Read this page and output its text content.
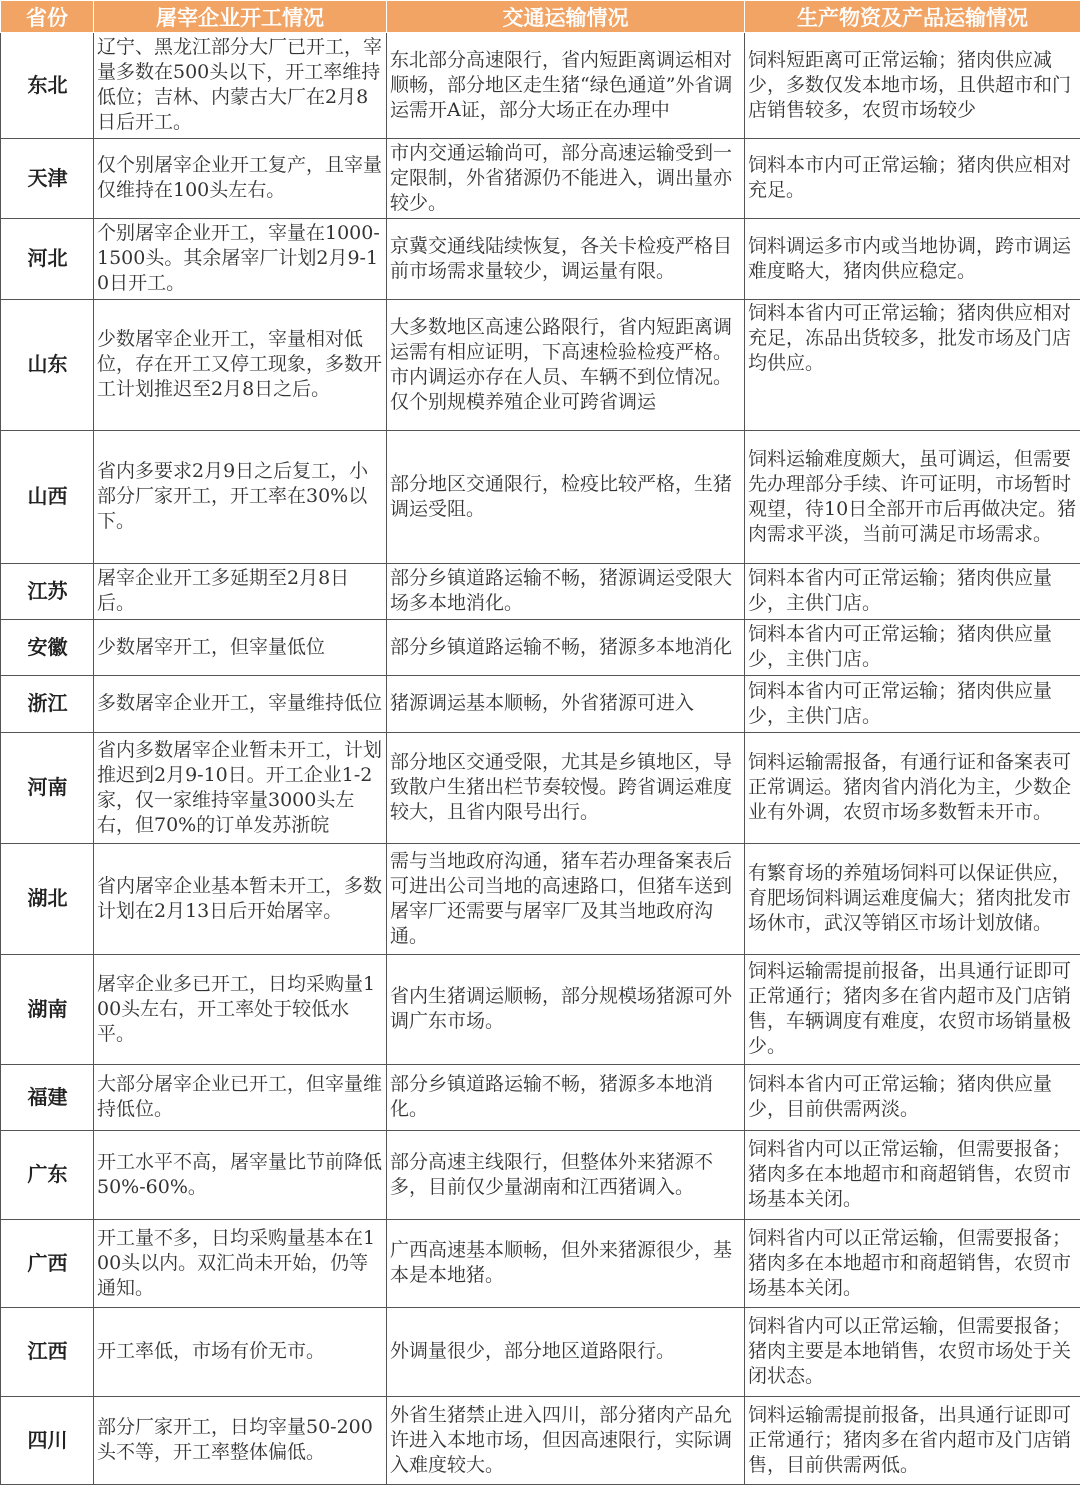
省份	屠宰企业开工情况	交通运输情况	生产物资及产品运输情况
东北	辽宁、黑龙江部分大厂已开工，宰量多数在500头以下，开工率维持低位；吉林、内蒙古大厂在2月8日后开工。	东北部分高速限行，省内短距离调运相对顺畅，部分地区走生猪“绿色通道”外省调运需开A证，部分大场正在办理中	饲料短距离可正常运输；猪肉供应减少，多数仅发本地市场，且供超市和门店销售较多，农贸市场较少
天津	仅个别屠宰企业开工复产，且宰量仅维持在100头左右。	市内交通运输尚可，部分高速运输受到一定限制，外省猪源仍不能进入，调出量亦较少。	饲料本市内可正常运输；猪肉供应相对充足。
河北	个别屠宰企业开工，宰量在1000-1500头。其余屠宰厂计划2月9-10日开工。	京冀交通线陆续恢复，各关卡检疫严格目前市场需求量较少，调运量有限。	饲料调运多市内或当地协调，跨市调运难度略大，猪肉供应稳定。
山东	少数屠宰企业开工，宰量相对低位，存在开工又停工现象，多数开工计划推迟至2月8日之后。	大多数地区高速公路限行，省内短距离调运需有相应证明，下高速检验检疫严格。市内调运亦存在人员、车辆不到位情况。仅个别规模养殖企业可跨省调运	饲料本省内可正常运输；猪肉供应相对充足，冻品出货较多，批发市场及门店均供应。
山西	省内多要求2月9日之后复工，小部分厂家开工，开工率在30%以下。	部分地区交通限行，检疫比较严格，生猪调运受阻。	饲料运输难度颇大，虽可调运，但需要先办理部分手续、许可证明，市场暂时观望，待10日全部开市后再做决定。猪肉需求平淡，当前可满足市场需求。
江苏	屠宰企业开工多延期至2月8日后。	部分乡镇道路运输不畅，猪源调运受限大场多本地消化。	饲料本省内可正常运输；猪肉供应量少，主供门店。
安徽	少数屠宰开工，但宰量低位	部分乡镇道路运输不畅，猪源多本地消化	饲料本省内可正常运输；猪肉供应量少，主供门店。
浙江	多数屠宰企业开工，宰量维持低位	猪源调运基本顺畅，外省猪源可进入	饲料本省内可正常运输；猪肉供应量少，主供门店。
河南	省内多数屠宰企业暂未开工，计划推迟到2月9-10日。开工企业1-2家，仅一家维持宰量3000头左右，但70%的订单发苏浙皖	部分地区交通受限，尤其是乡镇地区，导致散户生猪出栏节奏较慢。跨省调运难度较大，且省内限号出行。	饲料运输需报备，有通行证和备案表可正常调运。猪肉省内消化为主，少数企业有外调，农贸市场多数暂未开市。
湖北	省内屠宰企业基本暂未开工，多数计划在2月13日后开始屠宰。	需与当地政府沟通，猪车若办理备案表后可进出公司当地的高速路口，但猪车送到屠宰厂还需要与屠宰厂及其当地政府沟通。	有繁育场的养殖场饲料可以保证供应，育肥场饲料调运难度偏大；猪肉批发市场休市，武汉等销区市场计划放储。
湖南	屠宰企业多已开工，日均采购量100头左右，开工率处于较低水平。	省内生猪调运顺畅，部分规模场猪源可外调广东市场。	饲料运输需提前报备，出具通行证即可正常通行；猪肉多在省内超市及门店销售，车辆调度有难度，农贸市场销量极少。
福建	大部分屠宰企业已开工，但宰量维持低位。	部分乡镇道路运输不畅，猪源多本地消化。	饲料本省内可正常运输；猪肉供应量少，目前供需两淡。
广东	开工水平不高，屠宰量比节前降低50%-60%。	部分高速主线限行，但整体外来猪源不多，目前仅少量湖南和江西猪调入。	饲料省内可以正常运输，但需要报备；猪肉多在本地超市和商超销售，农贸市场基本关闭。
广西	开工量不多，日均采购量基本在100头以内。双汇尚未开始，仍等通知。	广西高速基本顺畅，但外来猪源很少，基本是本地猪。	饲料省内可以正常运输，但需要报备；猪肉多在本地超市和商超销售，农贸市场基本关闭。
江西	开工率低，市场有价无市。	外调量很少，部分地区道路限行。	饲料省内可以正常运输，但需要报备；猪肉主要是本地销售，农贸市场处于关闭状态。
四川	部分厂家开工，日均宰量50-200头不等，开工率整体偏低。	外省生猪禁止进入四川，部分猪肉产品允许进入本地市场，但因高速限行，实际调入难度较大。	饲料运输需提前报备，出具通行证即可正常通行；猪肉多在省内超市及门店销售，目前供需两低。
